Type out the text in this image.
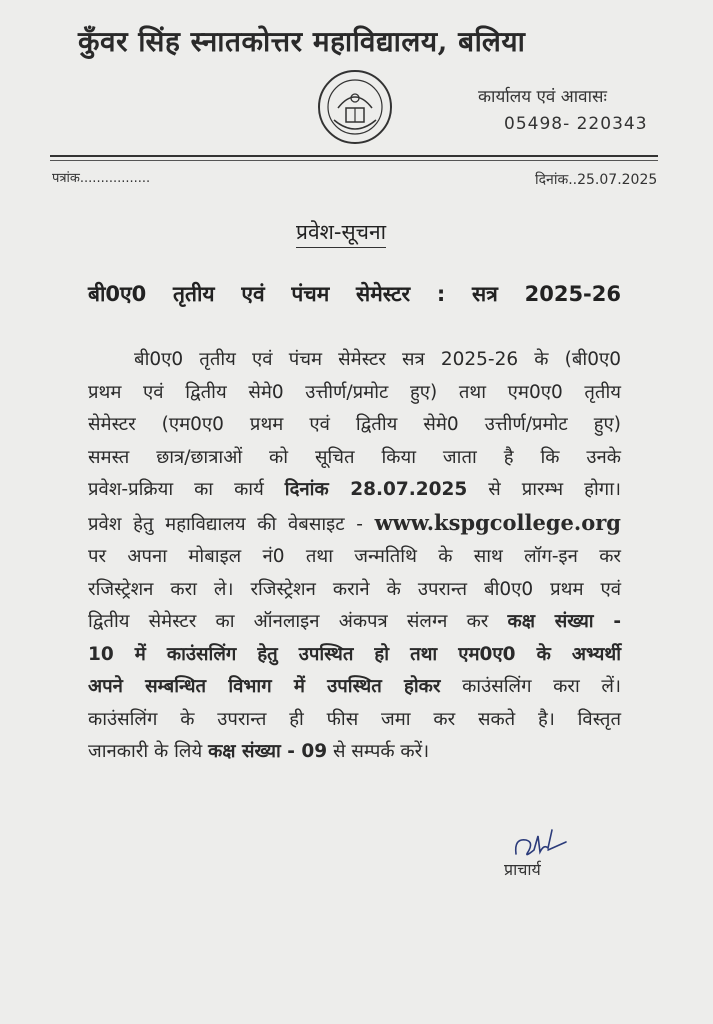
कुँवर सिंह स्नातकोत्तर महाविद्यालय, बलिया
कार्यालय एवं आवासः
05498- 220343
पत्रांक.................	दिनांक..25.07.2025
प्रवेश-सूचना
बी0ए0 तृतीय एवं पंचम सेमेस्टर : सत्र 2025-26
बी0ए0 तृतीय एवं पंचम सेमेस्टर सत्र 2025-26 के (बी0ए0
प्रथम एवं द्वितीय सेमे0 उत्तीर्ण/प्रमोट हुए) तथा एम0ए0 तृतीय
सेमेस्टर (एम0ए0 प्रथम एवं द्वितीय सेमे0 उत्तीर्ण/प्रमोट हुए)
समस्त छात्र/छात्राओं को सूचित किया जाता है कि उनके
प्रवेश-प्रक्रिया का कार्य दिनांक 28.07.2025 से प्रारम्भ होगा।
प्रवेश हेतु महाविद्यालय की वेबसाइट - www.kspgcollege.org
पर अपना मोबाइल नं0 तथा जन्मतिथि के साथ लॉग-इन कर
रजिस्ट्रेशन करा ले। रजिस्ट्रेशन कराने के उपरान्त बी0ए0 प्रथम एवं
द्वितीय सेमेस्टर का ऑनलाइन अंकपत्र संलग्न कर कक्ष संख्या -
10 में काउंसलिंग हेतु उपस्थित हो तथा एम0ए0 के अभ्यर्थी
अपने सम्बन्धित विभाग में उपस्थित होकर काउंसलिंग करा लें।
काउंसलिंग के उपरान्त ही फीस जमा कर सकते है। विस्तृत
जानकारी के लिये कक्ष संख्या - 09 से सम्पर्क करें।
प्राचार्य
